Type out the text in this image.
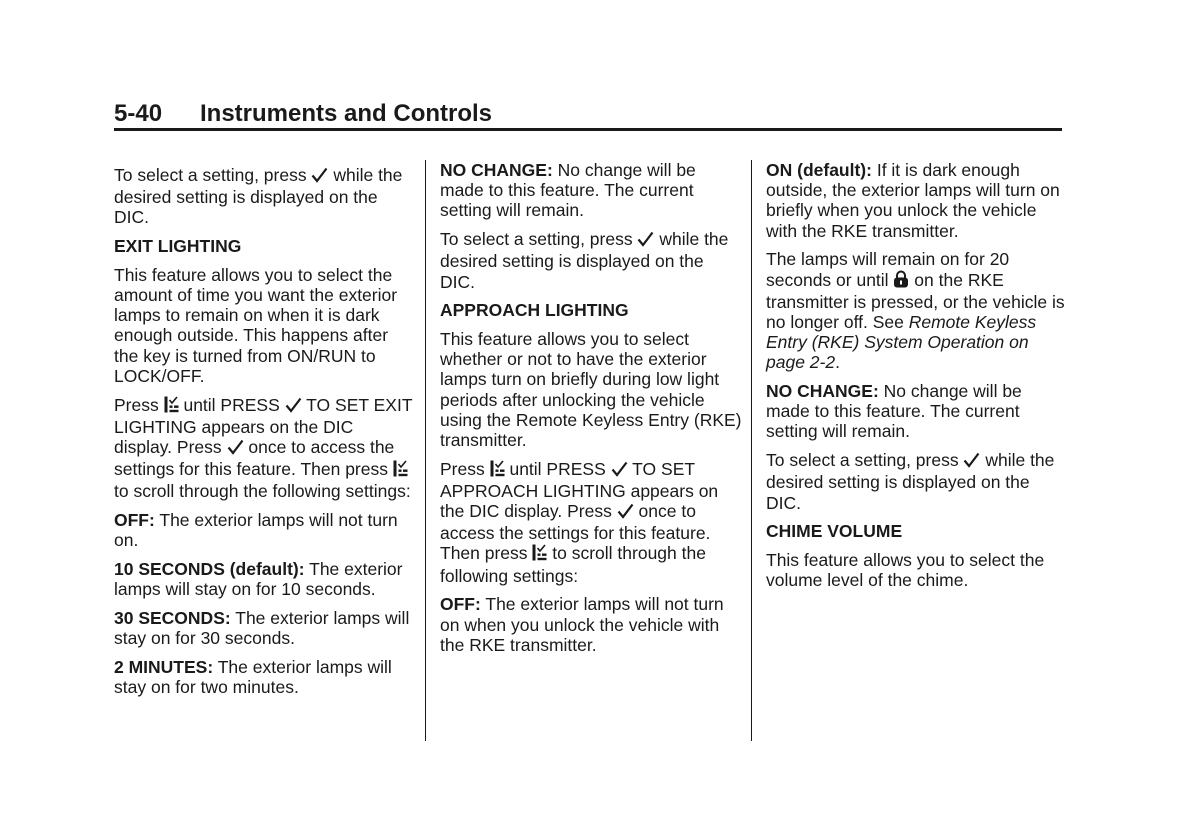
5-40 Instruments and Controls

To select a setting, press  while the desired setting is displayed on the DIC.

EXIT LIGHTING

This feature allows you to select the amount of time you want the exterior lamps to remain on when it is dark enough outside. This happens after the key is turned from ON/RUN to LOCK/OFF.

Press  until PRESS  TO SET EXIT LIGHTING appears on the DIC display. Press  once to access the settings for this feature. Then press  to scroll through the following settings:

OFF: The exterior lamps will not turn on.

10 SECONDS (default): The exterior lamps will stay on for 10 seconds.

30 SECONDS: The exterior lamps will stay on for 30 seconds.

2 MINUTES: The exterior lamps will stay on for two minutes.

NO CHANGE: No change will be made to this feature. The current setting will remain.

To select a setting, press  while the desired setting is displayed on the DIC.

APPROACH LIGHTING

This feature allows you to select whether or not to have the exterior lamps turn on briefly during low light periods after unlocking the vehicle using the Remote Keyless Entry (RKE) transmitter.

Press  until PRESS  TO SET APPROACH LIGHTING appears on the DIC display. Press  once to access the settings for this feature. Then press  to scroll through the following settings:

OFF: The exterior lamps will not turn on when you unlock the vehicle with the RKE transmitter.

ON (default): If it is dark enough outside, the exterior lamps will turn on briefly when you unlock the vehicle with the RKE transmitter.

The lamps will remain on for 20 seconds or until  on the RKE transmitter is pressed, or the vehicle is no longer off. See Remote Keyless Entry (RKE) System Operation on page 2-2.

NO CHANGE: No change will be made to this feature. The current setting will remain.

To select a setting, press  while the desired setting is displayed on the DIC.

CHIME VOLUME

This feature allows you to select the volume level of the chime.
